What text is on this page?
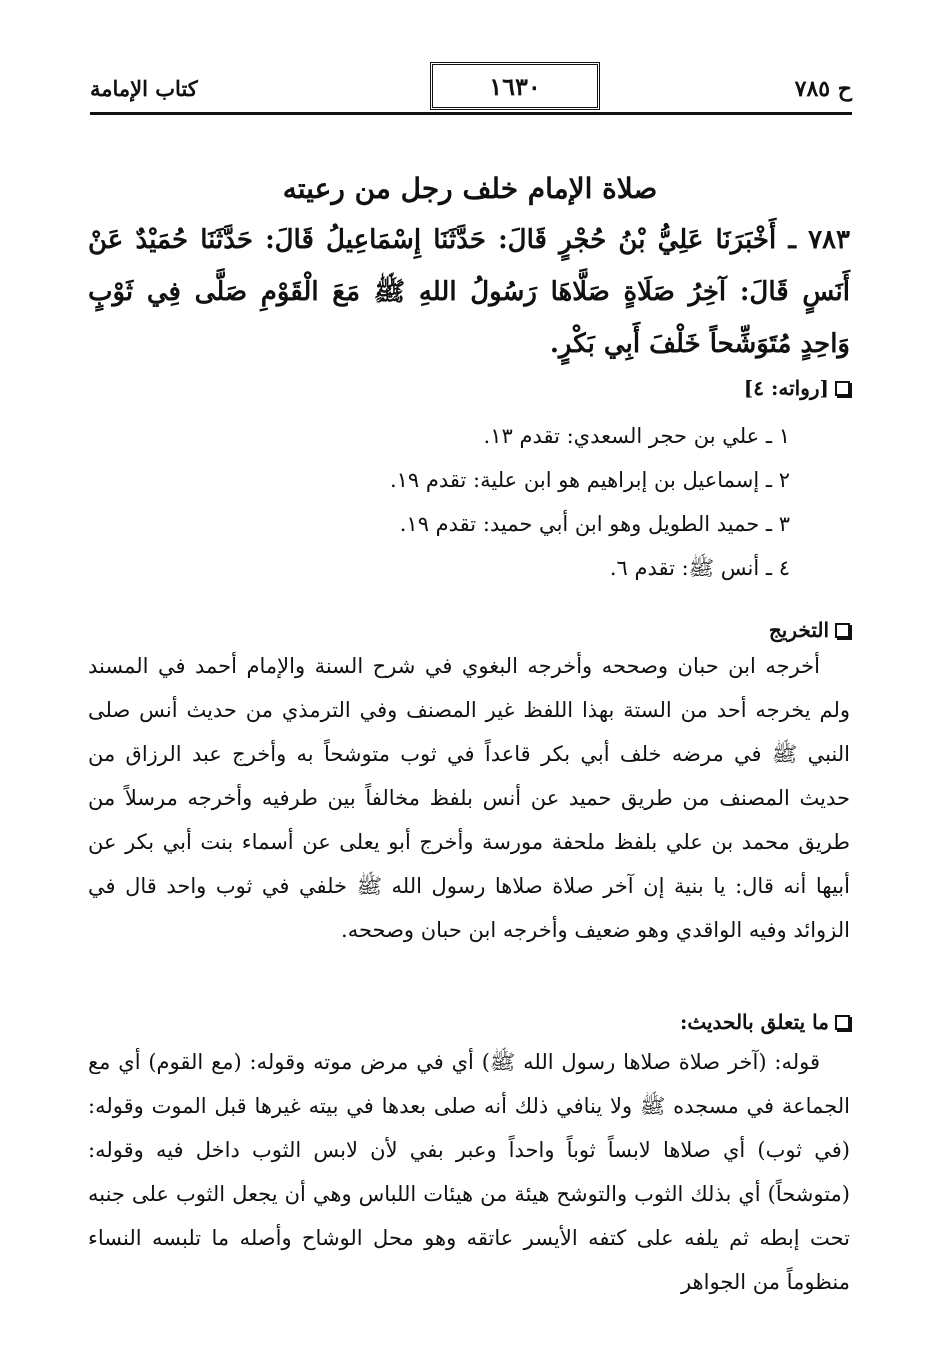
ح ٧٨٥
١٦٣٠
كتاب الإمامة
صلاة الإمام خلف رجل من رعيته
٧٨٣ ـ أَخْبَرَنَا عَلِيُّ بْنُ حُجْرٍ قَالَ: حَدَّثَنَا إِسْمَاعِيلُ قَالَ: حَدَّثَنَا حُمَيْدٌ عَنْ أَنَسٍ قَالَ: آخِرُ صَلَاةٍ صَلَّاهَا رَسُولُ اللهِ ﷺ مَعَ الْقَوْمِ صَلَّى فِي ثَوْبٍ وَاحِدٍ مُتَوَشِّحاً خَلْفَ أَبِي بَكْرٍ.
[رواته: ٤]
١ ـ علي بن حجر السعدي: تقدم ١٣.
٢ ـ إسماعيل بن إبراهيم هو ابن علية: تقدم ١٩.
٣ ـ حميد الطويل وهو ابن أبي حميد: تقدم ١٩.
٤ ـ أنس ﷺ: تقدم ٦.
التخريج

أخرجه ابن حبان وصححه وأخرجه البغوي في شرح السنة والإمام أحمد في المسند ولم يخرجه أحد من الستة بهذا اللفظ غير المصنف وفي الترمذي من حديث أنس صلى النبي ﷺ في مرضه خلف أبي بكر قاعداً في ثوب متوشحاً به وأخرج عبد الرزاق من حديث المصنف من طريق حميد عن أنس بلفظ مخالفاً بين طرفيه وأخرجه مرسلاً من طريق محمد بن علي بلفظ ملحفة مورسة وأخرج أبو يعلى عن أسماء بنت أبي بكر عن أبيها أنه قال: يا بنية إن آخر صلاة صلاها رسول الله ﷺ خلفي في ثوب واحد قال في الزوائد وفيه الواقدي وهو ضعيف وأخرجه ابن حبان وصححه.

ما يتعلق بالحديث:

قوله: (آخر صلاة صلاها رسول الله ﷺ) أي في مرض موته وقوله: (مع القوم) أي مع الجماعة في مسجده ﷺ ولا ينافي ذلك أنه صلى بعدها في بيته غيرها قبل الموت وقوله: (في ثوب) أي صلاها لابساً ثوباً واحداً وعبر بفي لأن لابس الثوب داخل فيه وقوله: (متوشحاً) أي بذلك الثوب والتوشح هيئة من هيئات اللباس وهي أن يجعل الثوب على جنبه تحت إبطه ثم يلفه على كتفه الأيسر عاتقه وهو محل الوشاح وأصله ما تلبسه النساء منظوماً من الجواهر
